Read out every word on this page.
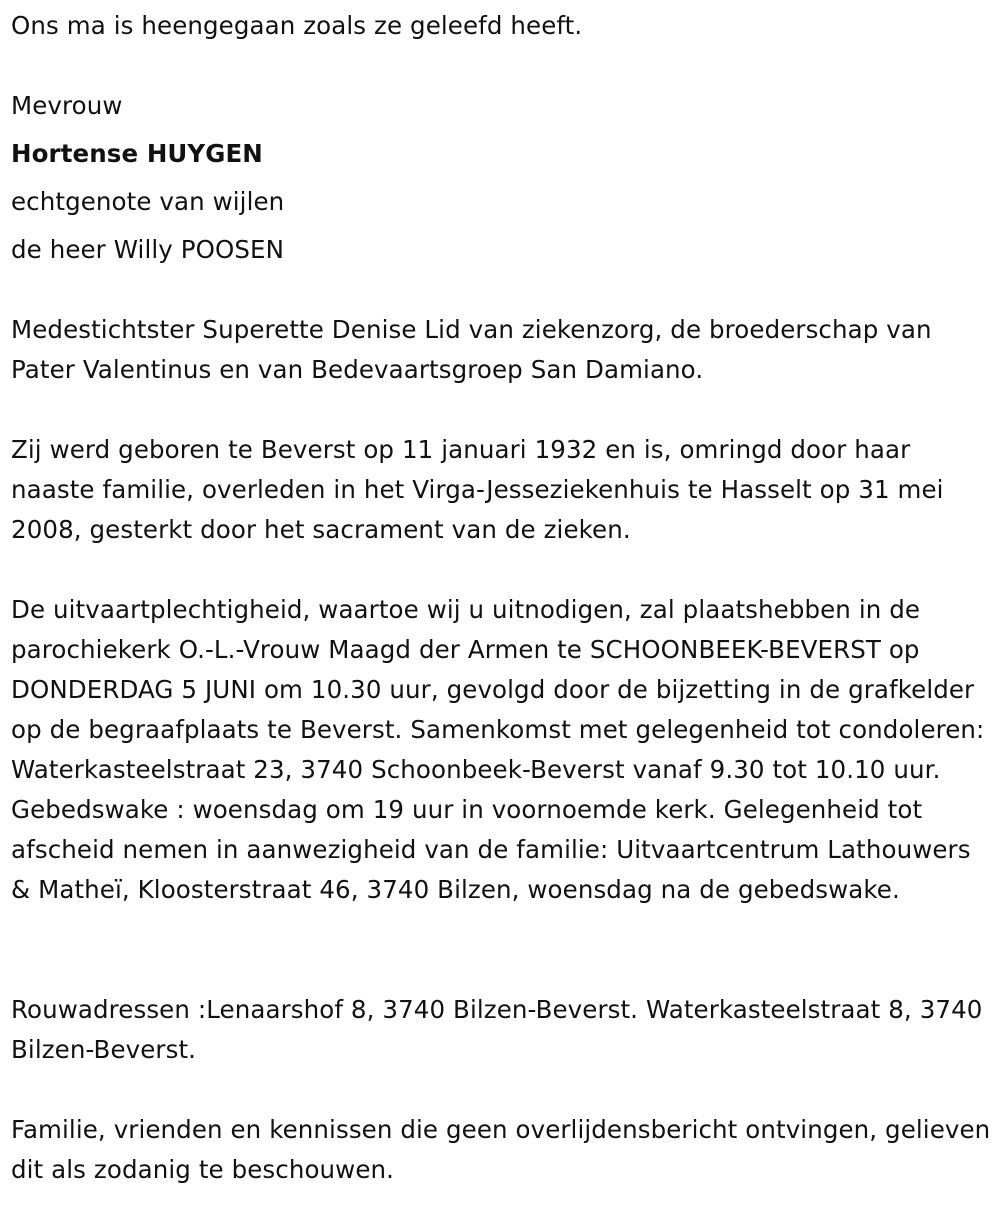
Ons ma is heengegaan zoals ze geleefd heeft.

Mevrouw

Hortense HUYGEN

echtgenote van wijlen

de heer Willy POOSEN

Medestichtster Superette Denise Lid van ziekenzorg, de broederschap van Pater Valentinus en van Bedevaartsgroep San Damiano.

Zij werd geboren te Beverst op 11 januari 1932 en is, omringd door haar naaste familie, overleden in het Virga-Jesseziekenhuis te Hasselt op 31 mei 2008, gesterkt door het sacrament van de zieken.

De uitvaartplechtigheid, waartoe wij u uitnodigen, zal plaatshebben in de parochiekerk O.-L.-Vrouw Maagd der Armen te SCHOONBEEK-BEVERST op DONDERDAG 5 JUNI om 10.30 uur, gevolgd door de bijzetting in de grafkelder op de begraafplaats te Beverst. Samenkomst met gelegenheid tot condoleren: Waterkasteelstraat 23, 3740 Schoonbeek-Beverst vanaf 9.30 tot 10.10 uur. Gebedswake : woensdag om 19 uur in voornoemde kerk. Gelegenheid tot afscheid nemen in aanwezigheid van de familie: Uitvaartcentrum Lathouwers & Matheï, Kloosterstraat 46, 3740 Bilzen, woensdag na de gebedswake.

Rouwadressen :Lenaarshof 8, 3740 Bilzen-Beverst. Waterkasteelstraat 8, 3740 Bilzen-Beverst.

Familie, vrienden en kennissen die geen overlijdensbericht ontvingen, gelieven dit als zodanig te beschouwen.
